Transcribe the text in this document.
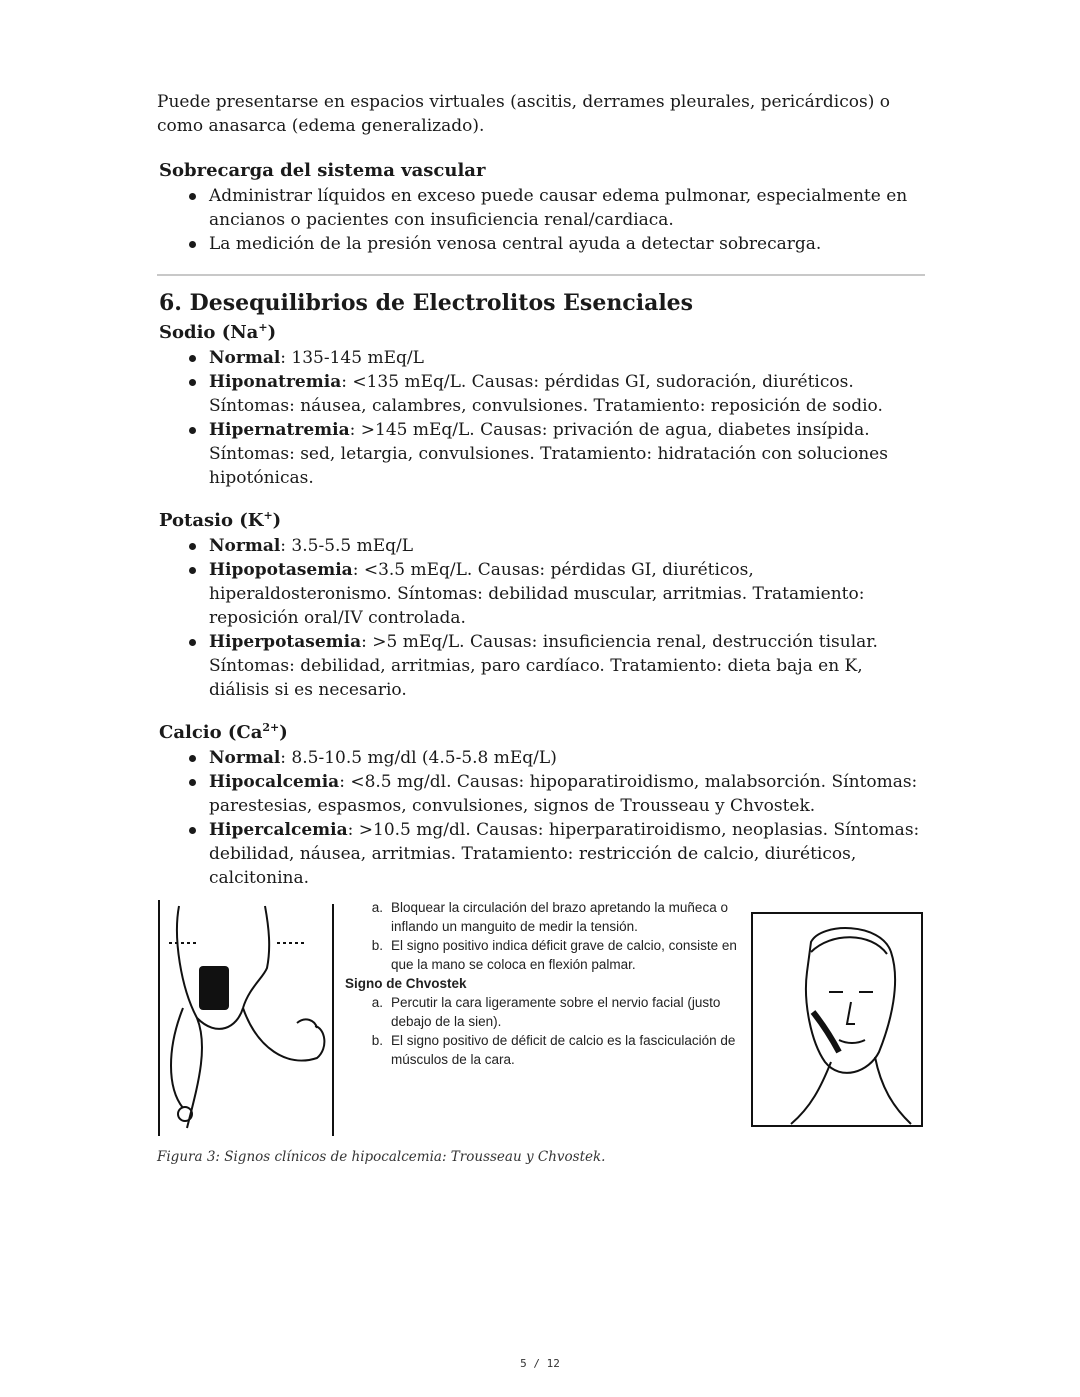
Puede presentarse en espacios virtuales (ascitis, derrames pleurales, pericárdicos) o como anasarca (edema generalizado).

Sobrecarga del sistema vascular
Administrar líquidos en exceso puede causar edema pulmonar, especialmente en ancianos o pacientes con insuficiencia renal/cardiaca.
La medición de la presión venosa central ayuda a detectar sobrecarga.
6. Desequilibrios de Electrolitos Esenciales
Sodio (Na+)
Normal: 135-145 mEq/L
Hiponatremia: <135 mEq/L. Causas: pérdidas GI, sudoración, diuréticos. Síntomas: náusea, calambres, convulsiones. Tratamiento: reposición de sodio.
Hipernatremia: >145 mEq/L. Causas: privación de agua, diabetes insípida. Síntomas: sed, letargia, convulsiones. Tratamiento: hidratación con soluciones hipotónicas.
Potasio (K+)
Normal: 3.5-5.5 mEq/L
Hipopotasemia: <3.5 mEq/L. Causas: pérdidas GI, diuréticos, hiperaldosteronismo. Síntomas: debilidad muscular, arritmias. Tratamiento: reposición oral/IV controlada.
Hiperpotasemia: >5 mEq/L. Causas: insuficiencia renal, destrucción tisular. Síntomas: debilidad, arritmias, paro cardíaco. Tratamiento: dieta baja en K, diálisis si es necesario.
Calcio $(Ca^{2+})$
Normal: 8.5-10.5 mg/dl (4.5-5.8 mEq/L)
Hipocalcemia: <8.5 mg/dl. Causas: hipoparatiroidismo, malabsorción. Síntomas: parestesias, espasmos, convulsiones, signos de Trousseau y Chvostek.
Hipercalcemia: >10.5 mg/dl. Causas: hiperparatiroidismo, neoplasias. Síntomas: debilidad, náusea, arritmias. Tratamiento: restricción de calcio, diuréticos, calcitonina.
a. Bloquear la circulación del brazo apretando la muñeca o inflando un manguito de medir la tensión.
b. El signo positivo indica déficit grave de calcio, consiste en que la mano se coloca en flexión palmar.
Signo de Chvostek
a. Percutir la cara ligeramente sobre el nervio facial (justo debajo de la sien).
b. El signo positivo de déficit de calcio es la fasciculación de músculos de la cara.
Figura 3: Signos clínicos de hipocalcemia: Trousseau y Chvostek.
5 / 12
